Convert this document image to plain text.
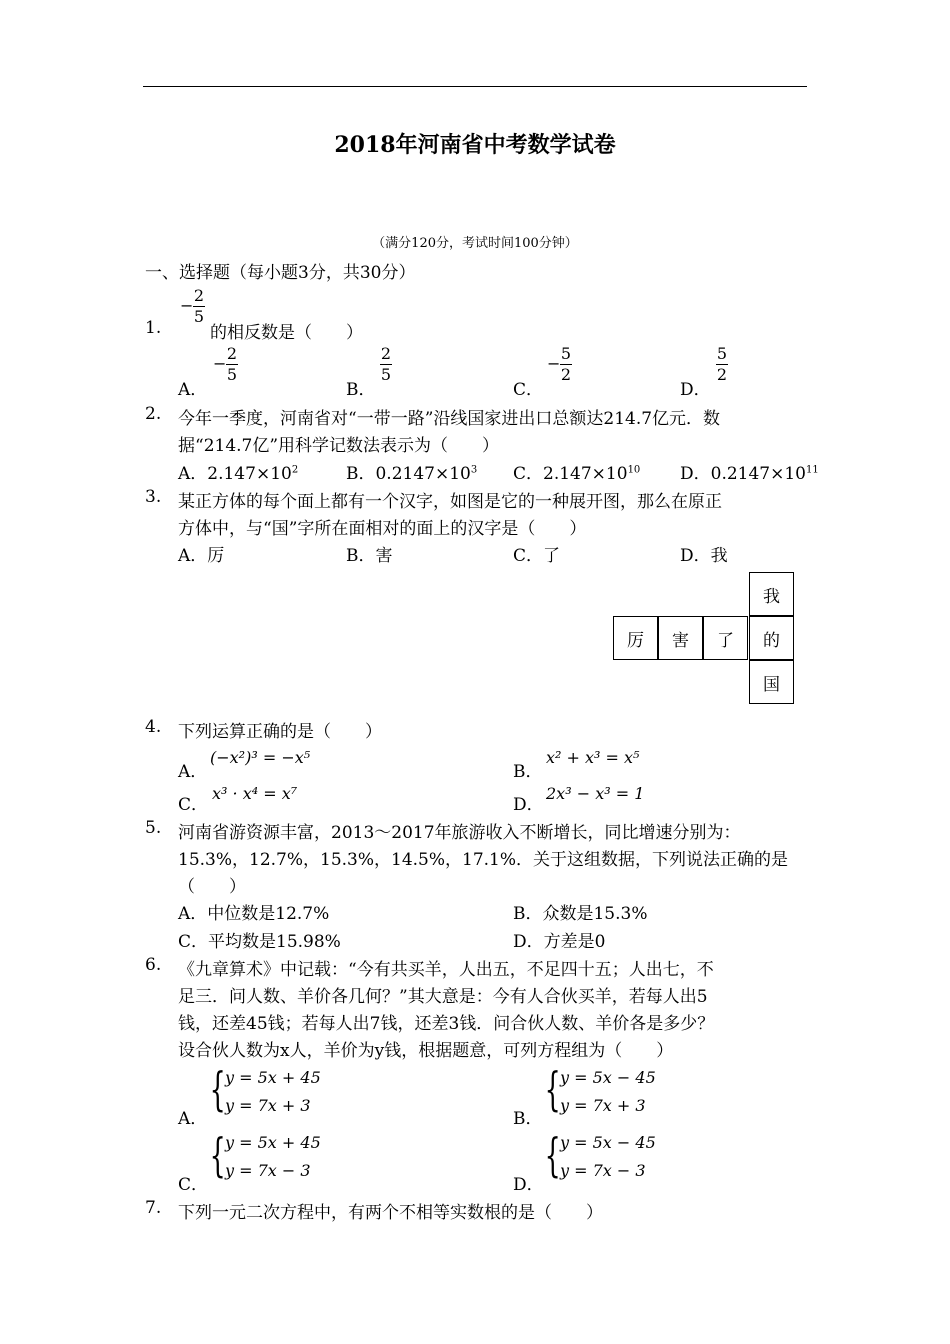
2018年河南省中考数学试卷
（满分120分，考试时间100分钟）
一、选择题（每小题3分，共30分）
1.
−
2
5
的相反数是（　　）
A．
−
2
5
B．
2
5
C．
−
5
2
D．
5
2
2. 今年一季度，河南省对“一带一路”沿线国家进出口总额达214.7亿元．数
据“214.7亿”用科学记数法表示为（　　）
A．$2.147\times 10^2$	B．$0.2147\times 10^3$ C．$2.147\times 10^{10}$ D．$0.2147\times 10^{11}$
3. 某正方体的每个面上都有一个汉字，如图是它的一种展开图，那么在原正
方体中，与“国”字所在面相对的面上的汉字是（　　）
A．厉	B．害	C．了	D．我
我
厉	害	了	的
国
4. 下列运算正确的是（　　）
A．
(−x²)³ = −x⁵
B．
x² + x³ = x⁵
C．
x³ · x⁴ = x⁷
D．
2x³ − x³ = 1
5. 河南省游资源丰富，2013～2017年旅游收入不断增长，同比增速分别为：
15.3%，12.7%，15.3%，14.5%，17.1%．关于这组数据，下列说法正确的是
（　　）
A．中位数是12.7%	B．众数是15.3%
C．平均数是15.98%	D．方差是0
6. 《九章算术》中记载：“今有共买羊，人出五，不足四十五；人出七，不
足三．问人数、羊价各几何？”其大意是：今有人合伙买羊，若每人出5
钱，还差45钱；若每人出7钱，还差3钱．问合伙人数、羊价各是多少？
设合伙人数为x人，羊价为y钱，根据题意，可列方程组为（　　）
A．
{ y = 5x + 45
y = 7x + 3
B．
{ y = 5x − 45
y = 7x + 3
C．
{ y = 5x + 45
y = 7x − 3
D．
{ y = 5x − 45
y = 7x − 3
7. 下列一元二次方程中，有两个不相等实数根的是（　　）
